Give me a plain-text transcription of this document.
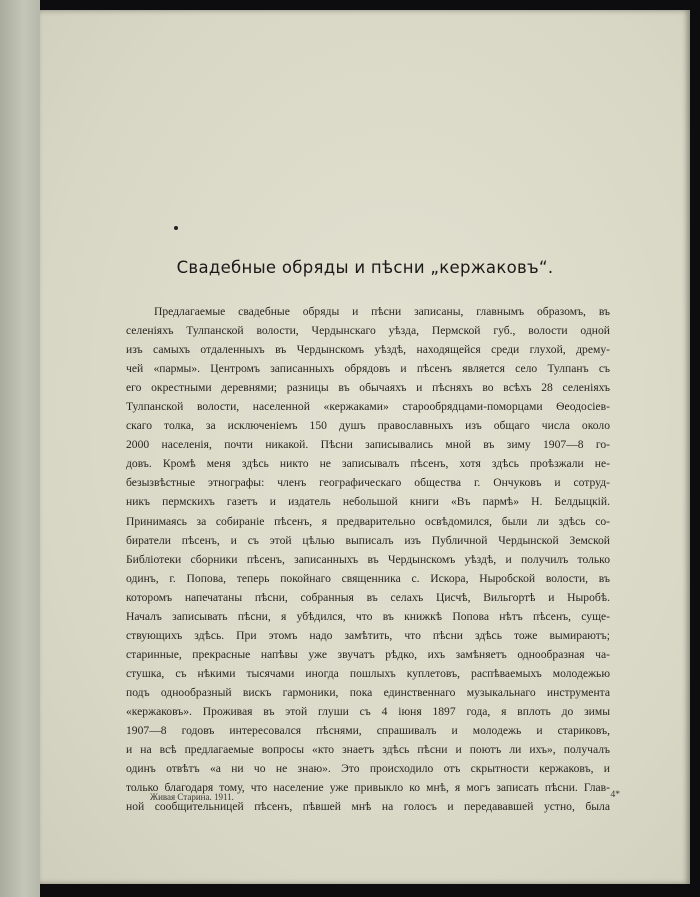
Свадебные обряды и пѣсни „кержаковъ“.
Предлагаемые свадебные обряды и пѣсни записаны, главнымъ образомъ, въ
селеніяхъ Тулпанской волости, Чердынскаго уѣзда, Пермской губ., волости одной
изъ самыхъ отдаленныхъ въ Чердынскомъ уѣздѣ, находящейся среди глухой, дрему-
чей «пармы». Центромъ записанныхъ обрядовъ и пѣсенъ является село Тулпанъ съ
его окрестными деревнями; разницы въ обычаяхъ и пѣсняхъ во всѣхъ 28 селеніяхъ
Тулпанской волости, населенной «кержаками» старообрядцами-поморцами Ѳеодосіев-
скаго толка, за исключеніемъ 150 душъ православныхъ изъ общаго числа около
2000 населенія, почти никакой. Пѣсни записывались мной въ зиму 1907—8 го-
довъ. Кромѣ меня здѣсь никто не записывалъ пѣсенъ, хотя здѣсь проѣзжали не-
безызвѣстные этнографы: членъ географическаго общества г. Ончуковъ и сотруд-
никъ пермскихъ газетъ и издатель небольшой книги «Въ пармѣ» Н. Белдыцкій.
Принимаясь за собираніе пѣсенъ, я предварительно освѣдомился, были ли здѣсь со-
биратели пѣсенъ, и съ этой цѣлью выписалъ изъ Публичной Чердынской Земской
Библіотеки сборники пѣсенъ, записанныхъ въ Чердынскомъ уѣздѣ, и получилъ только
одинъ, г. Попова, теперь покойнаго священника с. Искора, Ныробской волости, въ
которомъ напечатаны пѣсни, собранныя въ селахъ Цисчѣ, Вильгортѣ и Ныробѣ.
Началъ записывать пѣсни, я убѣдился, что въ книжкѣ Попова нѣтъ пѣсенъ, суще-
ствующихъ здѣсь. При этомъ надо замѣтить, что пѣсни здѣсь тоже вымираютъ;
старинные, прекрасные напѣвы уже звучатъ рѣдко, ихъ замѣняетъ однообразная ча-
стушка, съ нѣкими тысячами иногда пошлыхъ куплетовъ, распѣваемыхъ молодежью
подъ однообразный вискъ гармоники, пока единственнаго музыкальнаго инструмента
«кержаковъ». Проживая въ этой глуши съ 4 іюня 1897 года, я вплоть до зимы
1907—8 годовъ интересовался пѣснями, спрашивалъ и молодежь и стариковъ,
и на всѣ предлагаемые вопросы «кто знаетъ здѣсь пѣсни и поютъ ли ихъ», получалъ
одинъ отвѣтъ «а ни чо не знаю». Это происходило отъ скрытности кержаковъ, и
только благодаря тому, что население уже привыкло ко мнѣ, я могъ записать пѣсни. Глав-
ной сообщительницей пѣсенъ, пѣвшей мнѣ на голосъ и передававшей устно, была
Живая Старина. 1911.	4*
